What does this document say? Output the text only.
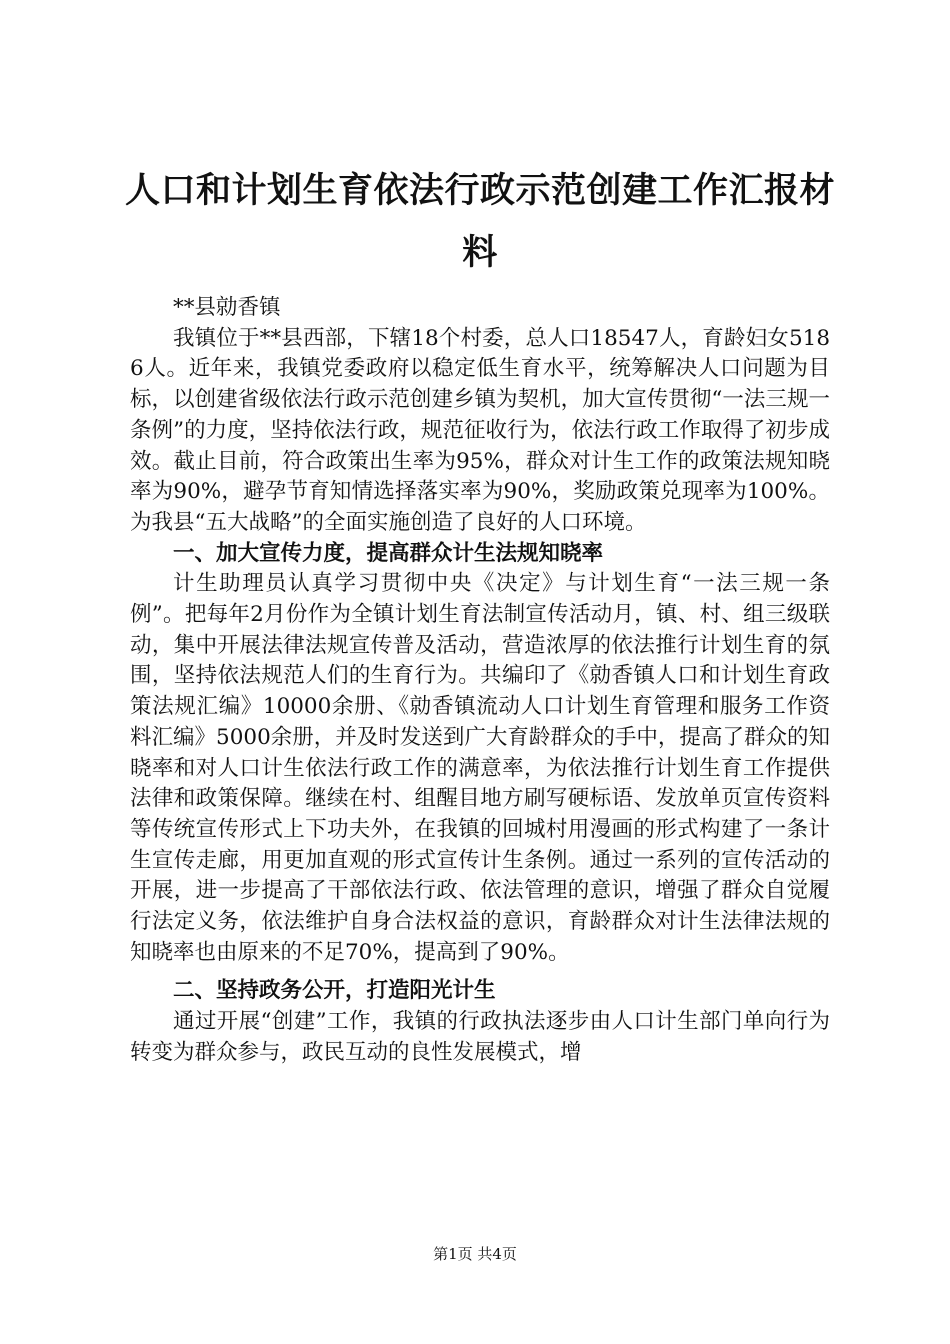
人口和计划生育依法行政示范创建工作汇报材料

**县勍香镇

我镇位于**县西部，下辖18个村委，总人口18547人，育龄妇女5186人。近年来，我镇党委政府以稳定低生育水平，统筹解决人口问题为目标，以创建省级依法行政示范创建乡镇为契机，加大宣传贯彻“一法三规一条例”的力度，坚持依法行政，规范征收行为，依法行政工作取得了初步成效。截止目前，符合政策出生率为95%，群众对计生工作的政策法规知晓率为90%，避孕节育知情选择落实率为90%，奖励政策兑现率为100%。为我县“五大战略”的全面实施创造了良好的人口环境。

一、加大宣传力度，提高群众计生法规知晓率

计生助理员认真学习贯彻中央《决定》与计划生育“一法三规一条例”。把每年2月份作为全镇计划生育法制宣传活动月，镇、村、组三级联动，集中开展法律法规宣传普及活动，营造浓厚的依法推行计划生育的氛围，坚持依法规范人们的生育行为。共编印了《勍香镇人口和计划生育政策法规汇编》10000余册、《勍香镇流动人口计划生育管理和服务工作资料汇编》5000余册，并及时发送到广大育龄群众的手中，提高了群众的知晓率和对人口计生依法行政工作的满意率，为依法推行计划生育工作提供法律和政策保障。继续在村、组醒目地方刷写硬标语、发放单页宣传资料等传统宣传形式上下功夫外，在我镇的回城村用漫画的形式构建了一条计生宣传走廊，用更加直观的形式宣传计生条例。通过一系列的宣传活动的开展，进一步提高了干部依法行政、依法管理的意识，增强了群众自觉履行法定义务，依法维护自身合法权益的意识，育龄群众对计生法律法规的知晓率也由原来的不足70%，提高到了90%。

二、坚持政务公开，打造阳光计生

通过开展“创建”工作，我镇的行政执法逐步由人口计生部门单向行为转变为群众参与，政民互动的良性发展模式，增

第1页 共4页
